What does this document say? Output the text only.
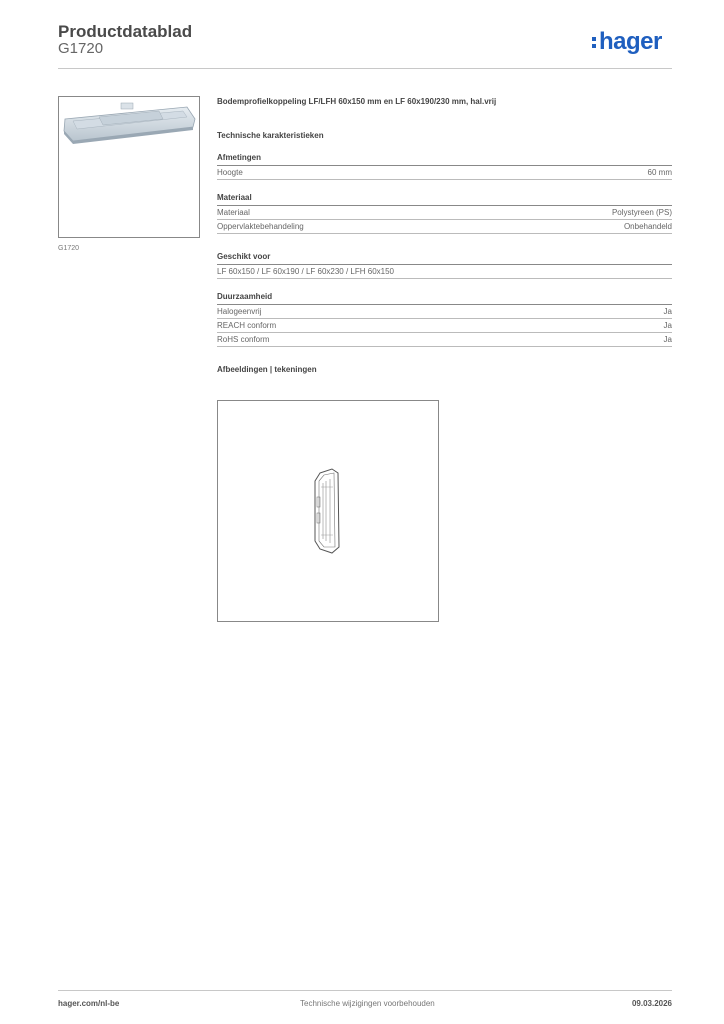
Productdatablad
G1720	hager
G1720
Bodemprofielkoppeling LF/LFH 60x150 mm en LF 60x190/230 mm, hal.vrij
Technische karakteristieken
Afmetingen
Hoogte	60 mm
Materiaal
Materiaal	Polystyreen (PS)
Oppervlaktebehandeling	Onbehandeld
Geschikt voor
LF 60x150 / LF 60x190 / LF 60x230 / LFH 60x150
Duurzaamheid
Halogeenvrij	Ja
REACH conform	Ja
RoHS conform	Ja
Afbeeldingen | tekeningen
hager.com/nl-be	Technische wijzigingen voorbehouden	09.03.2026
